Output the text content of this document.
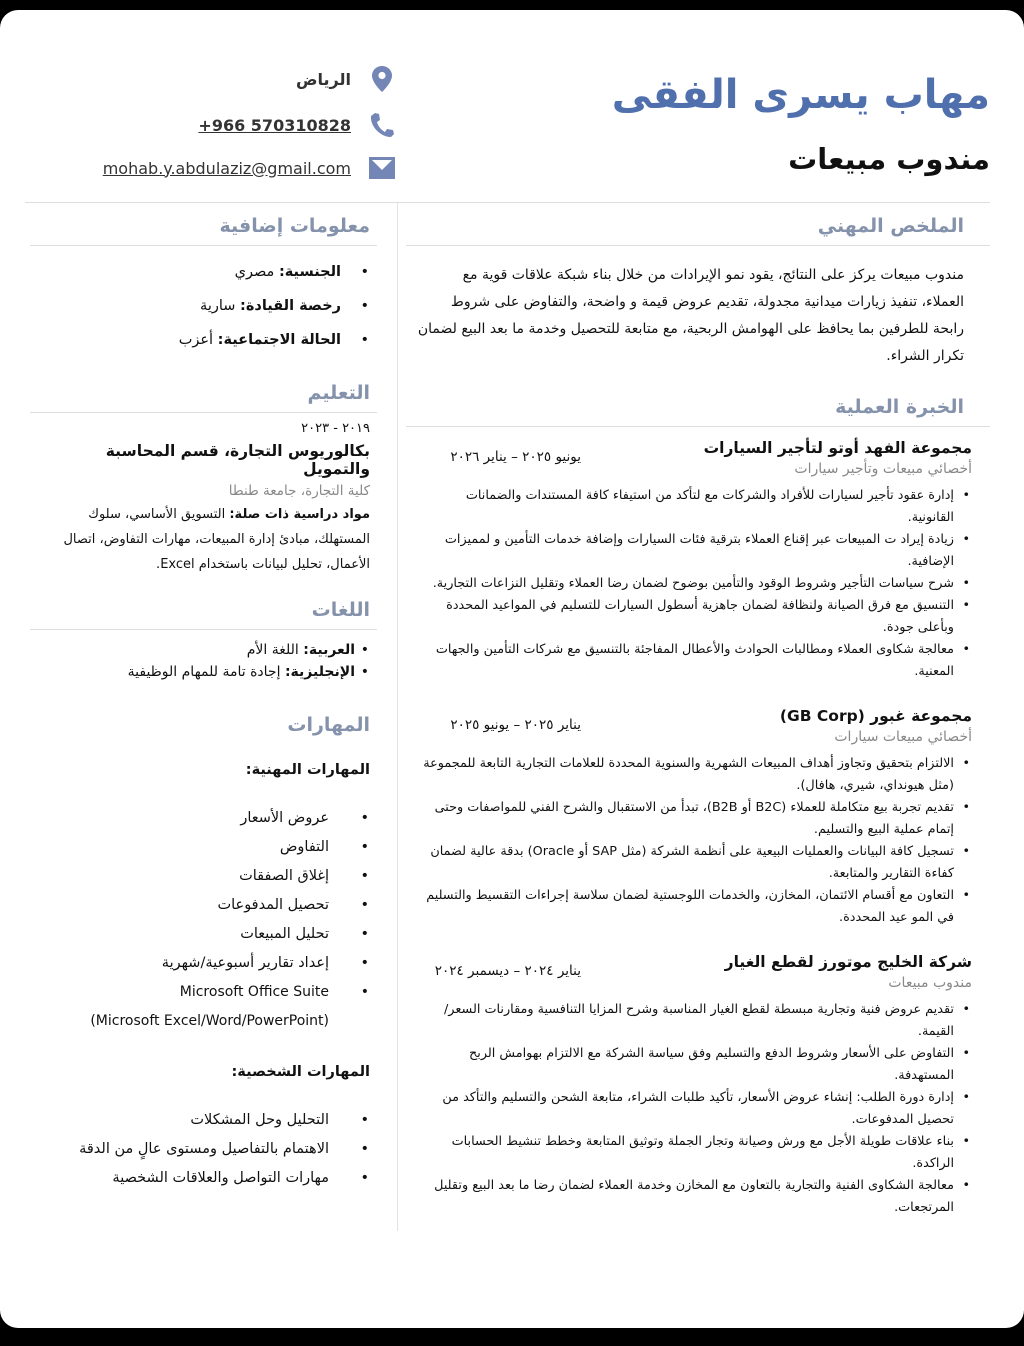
مهاب يسرى الفقى
مندوب مبيعات
الرياض
+966 570310828
mohab.y.abdulaziz@gmail.com
الملخص المهني
مندوب مبيعات يركز على النتائج، يقود نمو الإيرادات من خلال بناء شبكة علاقات قوية مع العملاء، تنفيذ زيارات ميدانية مجدولة، تقديم عروض قيمة و واضحة، والتفاوض على شروط رابحة للطرفين بما يحافظ على الهوامش الربحية، مع متابعة للتحصيل وخدمة ما بعد البيع لضمان تكرار الشراء.
الخبرة العملية
مجموعة الفهد أوتو لتأجير السيارات
يونيو ٢٠٢٥ – يناير ٢٠٢٦
أخصائي مبيعات وتأجير سيارات
• إدارة عقود تأجير لسيارات للأفراد والشركات مع لتأكد من استيفاء كافة المستندات والضمانات القانونية.
• زيادة إيراد ت المبيعات عبر إقناع العملاء بترقية فئات السيارات وإضافة خدمات التأمين و لمميزات الإضافية.
• شرح سياسات التأجير وشروط الوقود والتأمين بوضوح لضمان رضا العملاء وتقليل النزاعات التجارية.
• التنسيق مع فرق الصيانة ولنظافة لضمان جاهزية أسطول السيارات للتسليم في المواعيد المحددة وبأعلى جودة.
• معالجة شكاوى العملاء ومطالبات الحوادث والأعطال المفاجئة بالتنسيق مع شركات التأمين والجهات المعنية.
مجموعة غبور (GB Corp)
يناير ٢٠٢٥ – يونيو ٢٠٢٥
أخصائي مبيعات سيارات
• الالتزام بتحقيق وتجاوز أهداف المبيعات الشهرية والسنوية المحددة للعلامات التجارية التابعة للمجموعة (مثل هيونداي، شيري، هافال).
• تقديم تجربة بيع متكاملة للعملاء (B2C أو B2B)، تبدأ من الاستقبال والشرح الفني للمواصفات وحتى إتمام عملية البيع والتسليم.
• تسجيل كافة البيانات والعمليات البيعية على أنظمة الشركة (مثل SAP أو Oracle) بدقة عالية لضمان كفاءة التقارير والمتابعة.
• التعاون مع أقسام الائتمان، المخازن، والخدمات اللوجستية لضمان سلاسة إجراءات التقسيط والتسليم في المو عيد المحددة.
شركة الخليج موتورز لقطع الغيار
يناير ٢٠٢٤ – ديسمبر ٢٠٢٤
مندوب مبيعات
• تقديم عروض فنية وتجارية مبسطة لقطع الغيار المناسبة وشرح المزايا التنافسية ومقارنات السعر/القيمة.
• التفاوض على الأسعار وشروط الدفع والتسليم وفق سياسة الشركة مع الالتزام بهوامش الربح المستهدفة.
• إدارة دورة الطلب: إنشاء عروض الأسعار، تأكيد طلبات الشراء، متابعة الشحن والتسليم والتأكد من تحصيل المدفوعات.
• بناء علاقات طويلة الأجل مع ورش وصيانة وتجار الجملة وتوثيق المتابعة وخطط تنشيط الحسابات الراكدة.
• معالجة الشكاوى الفنية والتجارية بالتعاون مع المخازن وخدمة العملاء لضمان رضا ما بعد البيع وتقليل المرتجعات.
معلومات إضافية
• الجنسية: مصري
• رخصة القيادة: سارية
• الحالة الاجتماعية: أعزب
التعليم
٢٠١٩ - ٢٠٢٣
بكالوريوس التجارة، قسم المحاسبة والتمويل
كلية التجارة، جامعة طنطا
مواد دراسية ذات صلة: التسويق الأساسي، سلوك المستهلك، مبادئ إدارة المبيعات، مهارات التفاوض، اتصال الأعمال، تحليل لبيانات باستخدام Excel.
اللغات
• العربية: اللغة الأم
• الإنجليزية: إجادة تامة للمهام الوظيفية
المهارات
المهارات المهنية:
• عروض الأسعار
• التفاوض
• إغلاق الصفقات
• تحصيل المدفوعات
• تحليل المبيعات
• إعداد تقارير أسبوعية/شهرية
• Microsoft Office Suite
(Microsoft Excel/Word/PowerPoint)
المهارات الشخصية:
• التحليل وحل المشكلات
• الاهتمام بالتفاصيل ومستوى عالٍ من الدقة
• مهارات التواصل والعلاقات الشخصية
